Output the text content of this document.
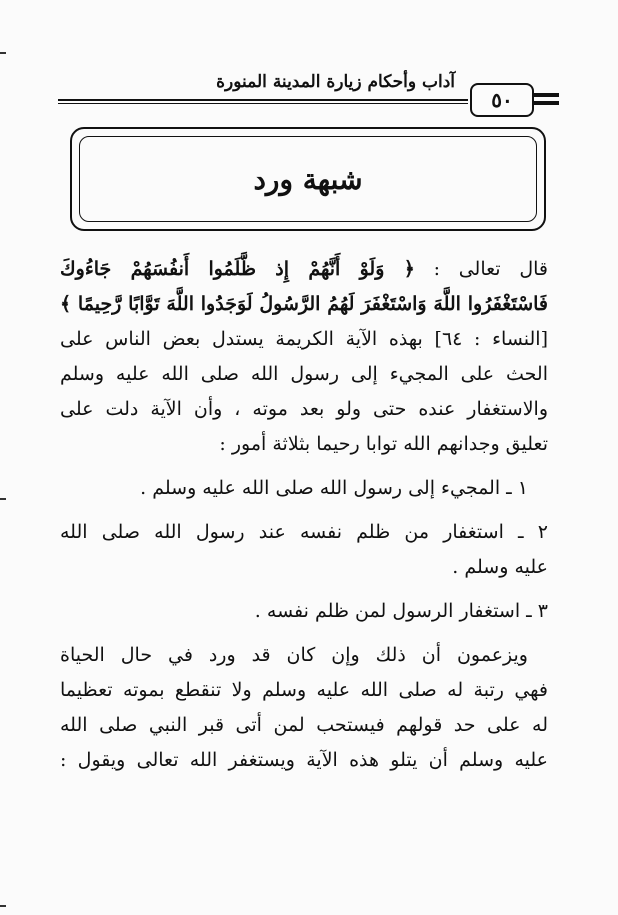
آداب وأحكام زيارة المدينة المنورة
٥٠
شبهة ورد
قال تعالى : ﴿ وَلَوْ أَنَّهُمْ إِذ ظَّلَمُوا أَنفُسَهُمْ جَاءُوكَ
فَاسْتَغْفَرُوا اللَّهَ وَاسْتَغْفَرَ لَهُمُ الرَّسُولُ لَوَجَدُوا اللَّهَ تَوَّابًا رَّحِيمًا ﴾
[النساء : ٦٤] بهذه الآية الكريمة يستدل بعض الناس على
الحث على المجيء إلى رسول الله صلى الله عليه وسلم
والاستغفار عنده حتى ولو بعد موته ، وأن الآية دلت على
تعليق وجدانهم الله توابا رحيما بثلاثة أمور :
١ ـ المجيء إلى رسول الله صلى الله عليه وسلم .
٢ ـ استغفار من ظلم نفسه عند رسول الله صلى الله
عليه وسلم .
٣ ـ استغفار الرسول لمن ظلم نفسه .
ويزعمون أن ذلك وإن كان قد ورد في حال الحياة
فهي رتبة له صلى الله عليه وسلم ولا تنقطع بموته تعظيما
له على حد قولهم فيستحب لمن أتى قبر النبي صلى الله
عليه وسلم أن يتلو هذه الآية ويستغفر الله تعالى ويقول :
